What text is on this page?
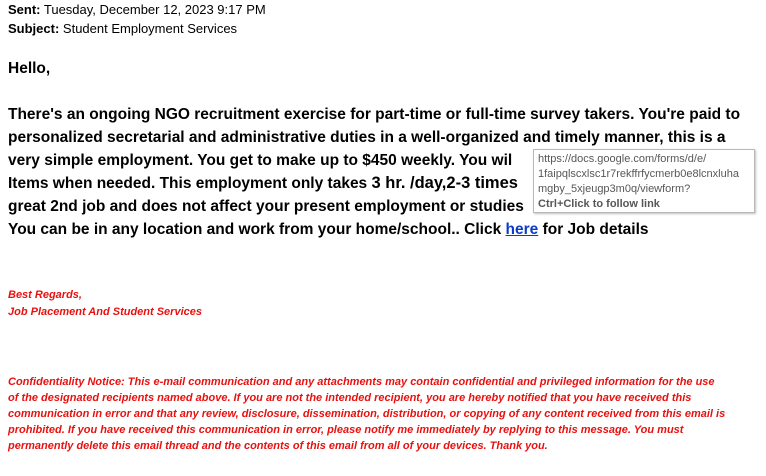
Sent: Tuesday, December 12, 2023 9:17 PM
Subject: Student Employment Services
Hello,
There's an ongoing NGO recruitment exercise for part-time or full-time survey takers. You're paid to
personalized secretarial and administrative duties in a well-organized and timely manner, this is a
very simple employment. You get to make up to $450 weekly. You wil
Items when needed. This employment only takes 3 hr. /day,2-3 times
great 2nd job and does not affect your present employment or studies
You can be in any location and work from your home/school.. Click here for Job details
Best Regards,
Job Placement And Student Services
Confidentiality Notice: This e-mail communication and any attachments may contain confidential and privileged information for the use
of the designated recipients named above. If you are not the intended recipient, you are hereby notified that you have received this
communication in error and that any review, disclosure, dissemination, distribution, or copying of any content received from this email is
prohibited. If you have received this communication in error, please notify me immediately by replying to this message. You must
permanently delete this email thread and the contents of this email from all of your devices. Thank you.
https://docs.google.com/forms/d/e/
1faipqlscxlsc1r7rekffrfycmerb0e8lcnxluha
mgby_5xjeugp3m0q/viewform?
Ctrl+Click to follow link
